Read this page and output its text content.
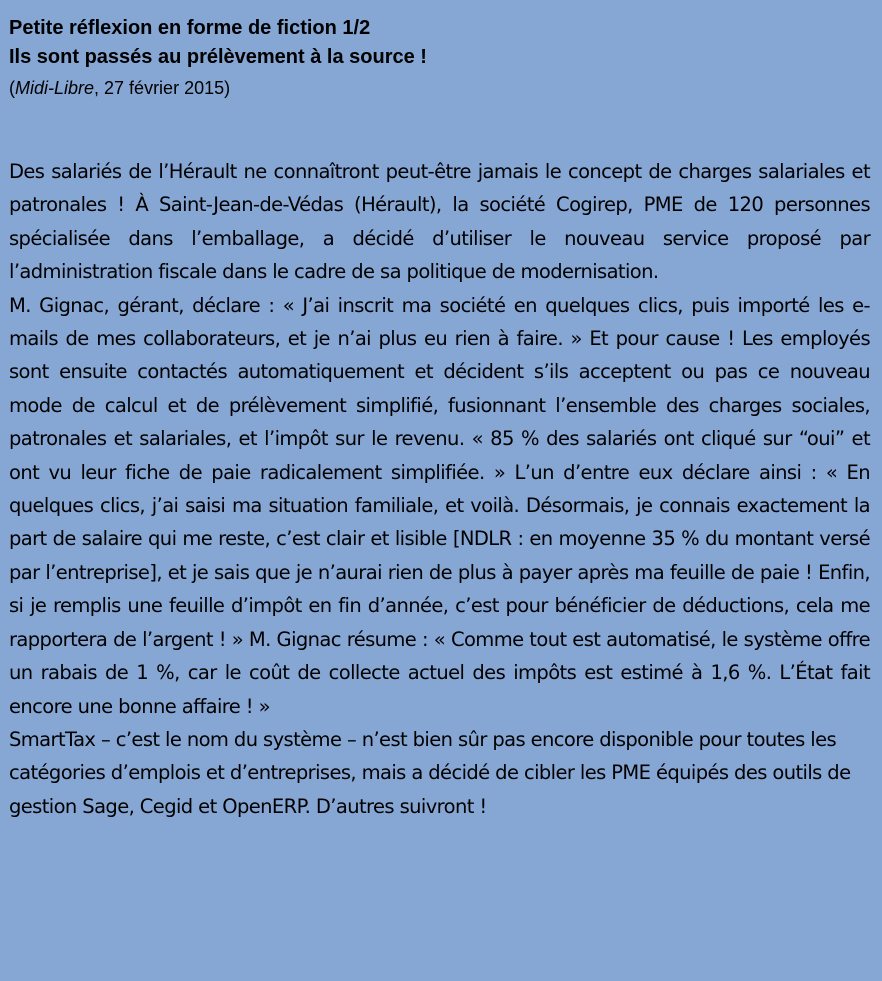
Petite réflexion en forme de fiction 1/2
Ils sont passés au prélèvement à la source !
(Midi-Libre, 27 février 2015)

Des salariés de l’Hérault ne connaîtront peut-être jamais le concept de charges salariales et patronales ! À Saint-Jean-de-Védas (Hérault), la société Cogirep, PME de 120 personnes spécialisée dans l’emballage, a décidé d’utiliser le nouveau service proposé par l’administration fiscale dans le cadre de sa politique de modernisation.

M. Gignac, gérant, déclare : « J’ai inscrit ma société en quelques clics, puis importé les e-mails de mes collaborateurs, et je n’ai plus eu rien à faire. » Et pour cause ! Les employés sont ensuite contactés automatiquement et décident s’ils acceptent ou pas ce nouveau mode de calcul et de prélèvement simplifié, fusionnant l’ensemble des charges sociales, patronales et salariales, et l’impôt sur le revenu. « 85 % des salariés ont cliqué sur “oui” et ont vu leur fiche de paie radicalement simplifiée. » L’un d’entre eux déclare ainsi : « En quelques clics, j’ai saisi ma situation familiale, et voilà. Désormais, je connais exactement la part de salaire qui me reste, c’est clair et lisible [NDLR : en moyenne 35 % du montant versé par l’entreprise], et je sais que je n’aurai rien de plus à payer après ma feuille de paie ! Enfin, si je remplis une feuille d’impôt en fin d’année, c’est pour bénéficier de déductions, cela me rapportera de l’argent ! » M. Gignac résume : « Comme tout est automatisé, le système offre un rabais de 1 %, car le coût de collecte actuel des impôts est estimé à 1,6 %. L’État fait encore une bonne affaire ! »

SmartTax – c’est le nom du système – n’est bien sûr pas encore disponible pour toutes les catégories d’emplois et d’entreprises, mais a décidé de cibler les PME équipés des outils de gestion Sage, Cegid et OpenERP. D’autres suivront !
